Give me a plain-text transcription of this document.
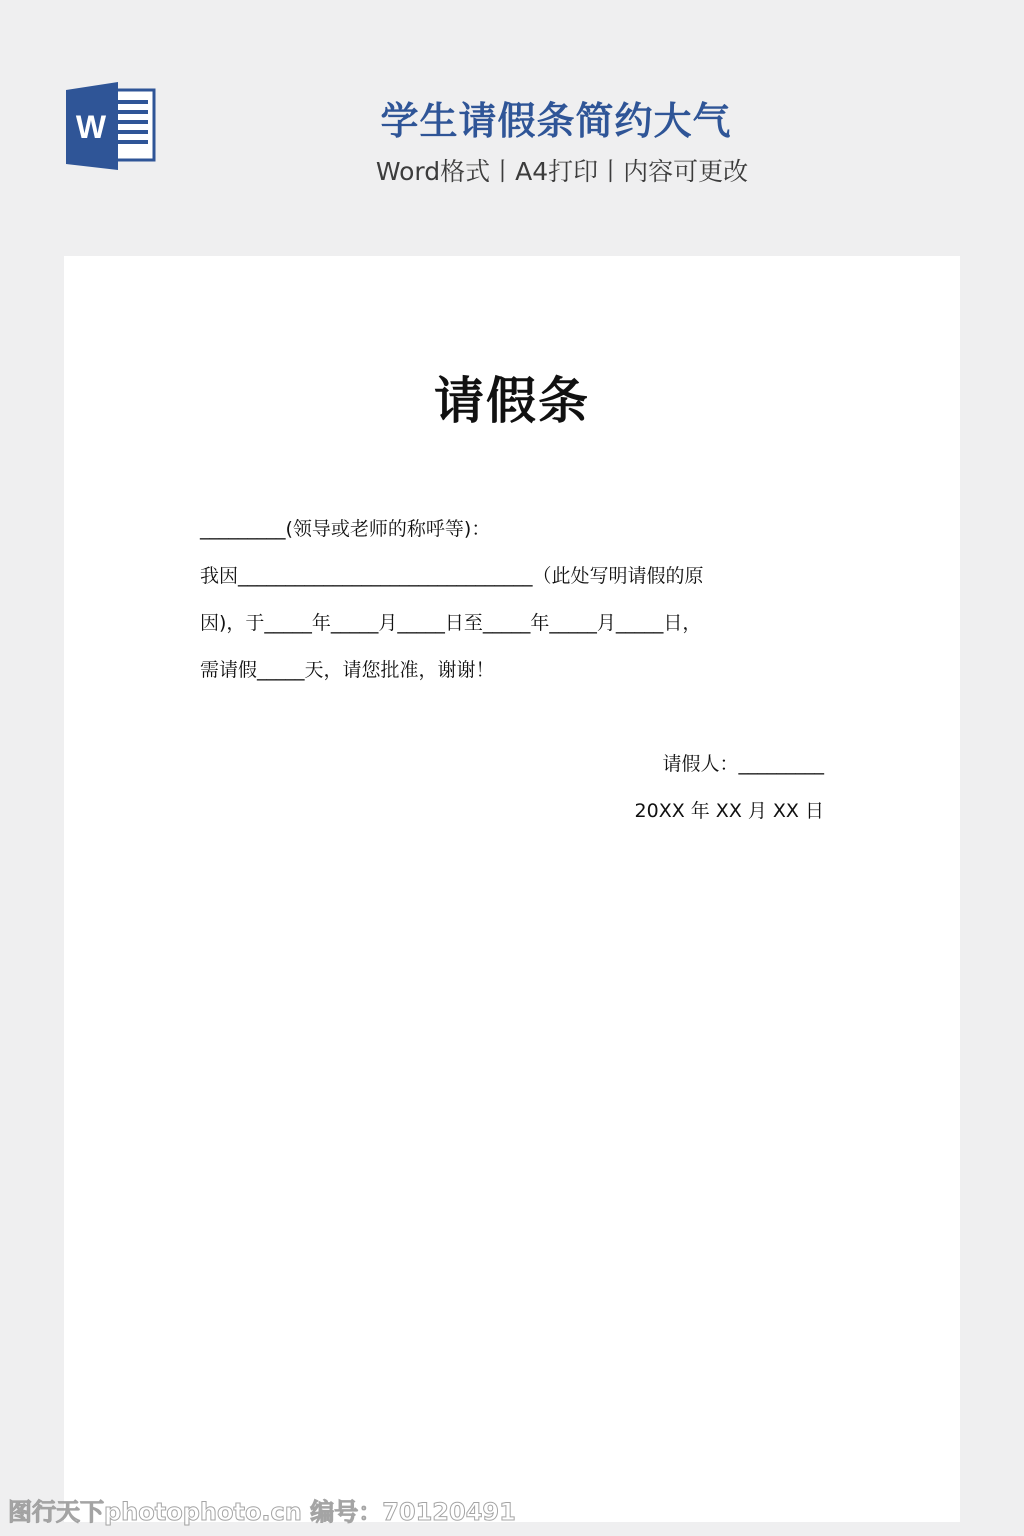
W	学生请假条简约大气

Word格式丨A4打印丨内容可更改

请假条
_________(领导或老师的称呼等)：
我因_______________________________（此处写明请假的原
因)，于_____年_____月_____日至_____年_____月_____日，
需请假_____天，请您批准，谢谢！
请假人：_________
20XX 年 XX 月 XX 日
图行天下photophoto.cn 编号：70120491
